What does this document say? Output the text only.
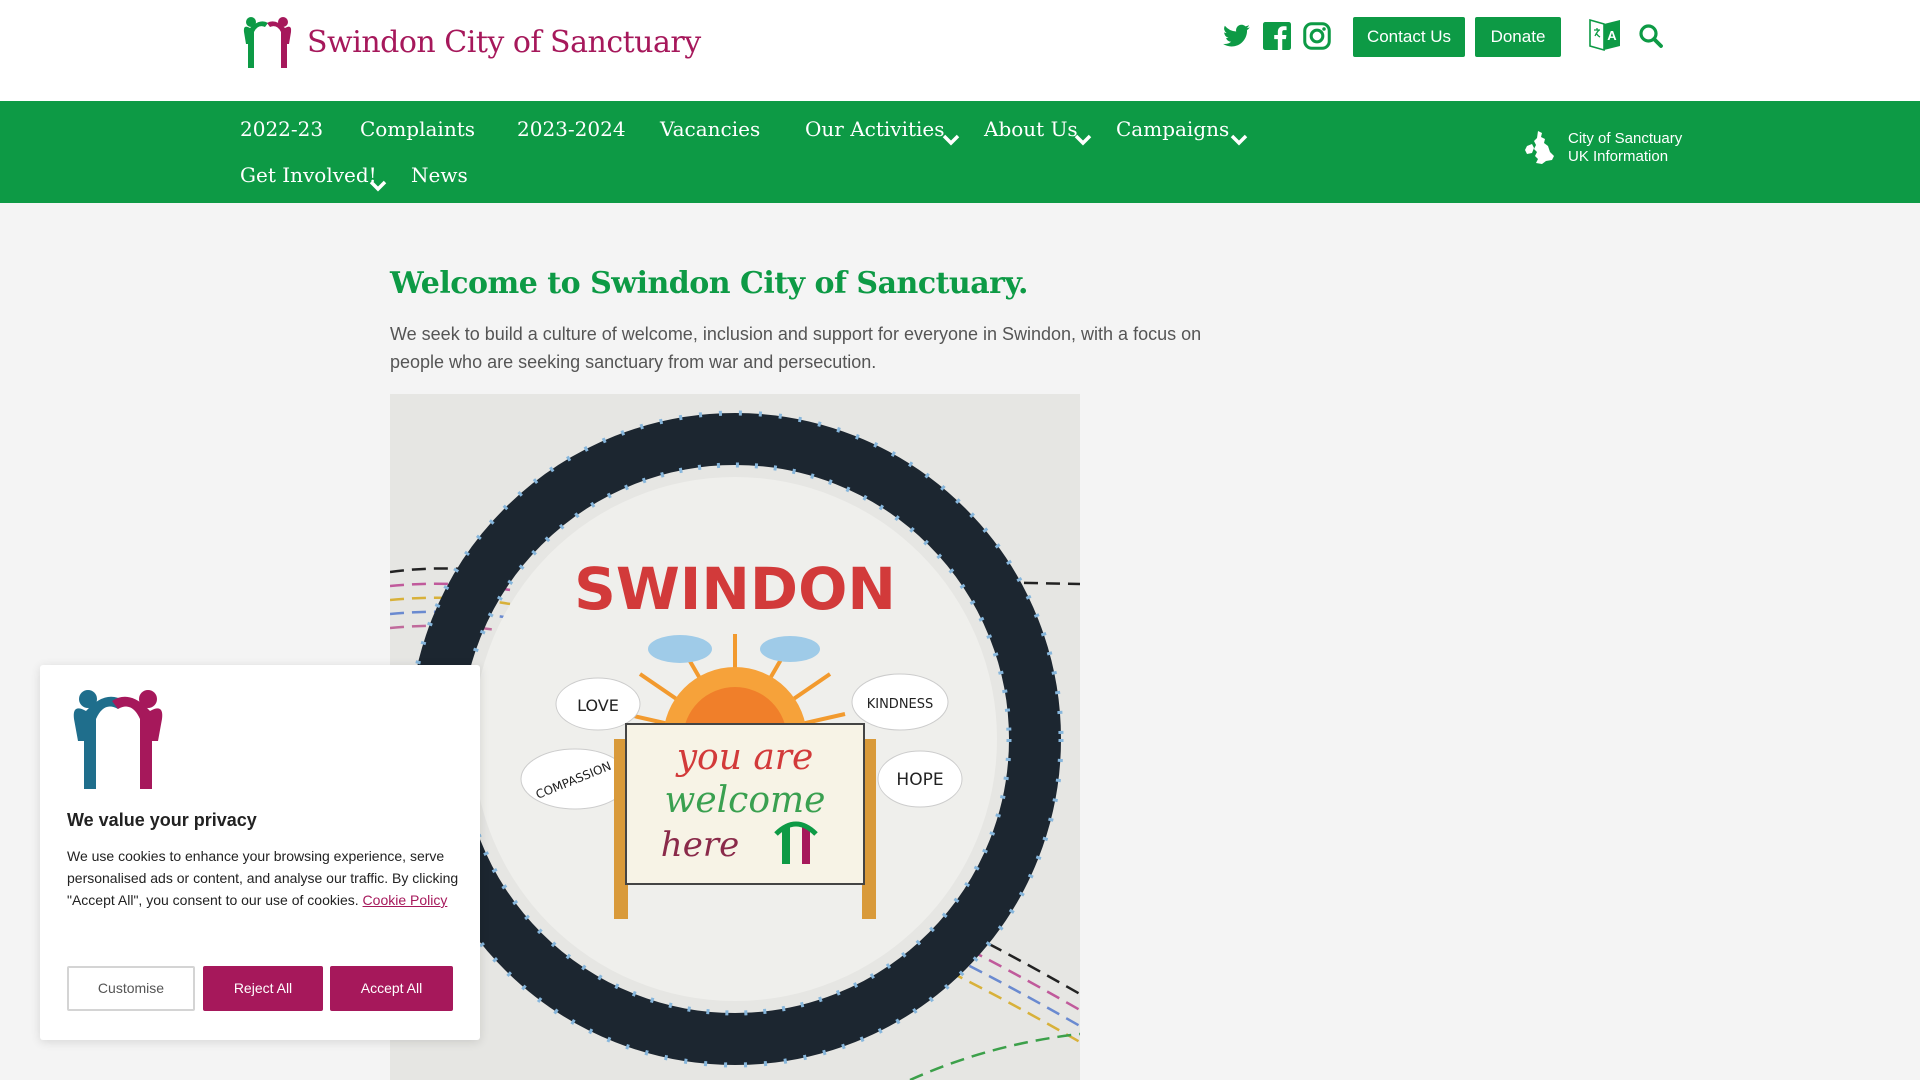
Swindon City of Sanctuary	Contact Us	Donate	A
2022-23 Complaints 2023-2024 Vacancies Our Activities About Us Campaigns
Get Involved! News
City of Sanctuary
UK Information
Welcome to Swindon City of Sanctuary.

We seek to build a culture of welcome, inclusion and support for everyone in Swindon, with a focus on people who are seeking sanctuary from war and persecution.

SWINDON
LOVE	KINDNESS
COMPASSION	HOPE
you are
welcome
here
We value your privacy
We use cookies to enhance your browsing experience, serve personalised ads or content, and analyse our traffic. By clicking "Accept All", you consent to our use of cookies. Cookie Policy
Customise	Reject All	Accept All
